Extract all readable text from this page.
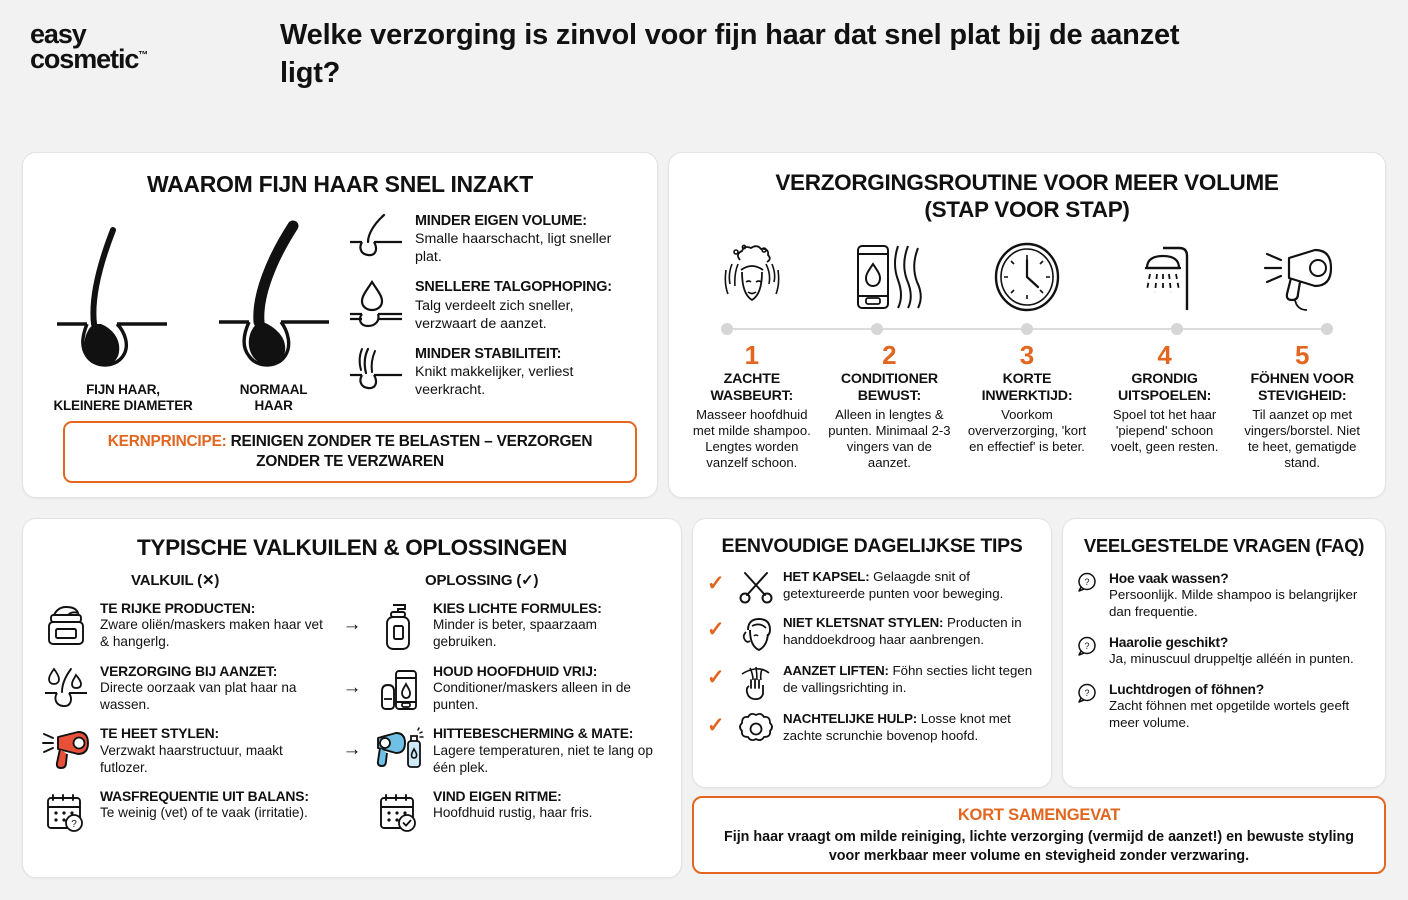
easy
cosmetic™
Welke verzorging is zinvol voor fijn haar dat snel plat bij de aanzet ligt?
WAAROM FIJN HAAR SNEL INZAKT
FIJN HAAR,
KLEINERE DIAMETER
NORMAAL
HAAR
MINDER EIGEN VOLUME:
Smalle haarschacht, ligt sneller plat.
SNELLERE TALGOPHOPING:
Talg verdeelt zich sneller, verzwaart de aanzet.
MINDER STABILITEIT:
Knikt makkelijker, verliest veerkracht.
KERNPRINCIPE: REINIGEN ZONDER TE BELASTEN – VERZORGEN ZONDER TE VERZWAREN
VERZORGINGSROUTINE VOOR MEER VOLUME
(STAP VOOR STAP)
1
ZACHTE WASBEURT:
Masseer hoofdhuid met milde shampoo. Lengtes worden vanzelf schoon.
2
CONDITIONER BEWUST:
Alleen in lengtes & punten. Minimaal 2-3 vingers van de aanzet.
3
KORTE INWERKTIJD:
Voorkom oververzorging, 'kort en effectief' is beter.
4
GRONDIG UITSPOELEN:
Spoel tot het haar 'piepend' schoon voelt, geen resten.
5
FÖHNEN VOOR STEVIGHEID:
Til aanzet op met vingers/borstel. Niet te heet, gematigde stand.
TYPISCHE VALKUILEN & OPLOSSINGEN
VALKUIL (✕)	OPLOSSING (✓)
TE RIJKE PRODUCTEN:
Zware oliën/maskers maken haar vet & hangerlg.
→
KIES LICHTE FORMULES:
Minder is beter, spaarzaam gebruiken.
VERZORGING BIJ AANZET:
Directe oorzaak van plat haar na wassen.
→
HOUD HOOFDHUID VRIJ:
Conditioner/maskers alleen in de punten.
TE HEET STYLEN:
Verzwakt haarstructuur, maakt futlozer.
→
HITTEBESCHERMING & MATE:
Lagere temperaturen, niet te lang op één plek.
?
WASFREQUENTIE UIT BALANS:
Te weinig (vet) of te vaak (irritatie).
VIND EIGEN RITME:
Hoofdhuid rustig, haar fris.
EENVOUDIGE DAGELIJKSE TIPS
✓	HET KAPSEL: Gelaagde snit of getextureerde punten voor beweging.
✓	NIET KLETSNAT STYLEN: Producten in handdoekdroog haar aanbrengen.
✓	AANZET LIFTEN: Föhn secties licht tegen de vallingsrichting in.
✓	NACHTELIJKE HULP: Losse knot met zachte scrunchie bovenop hoofd.
VEELGESTELDE VRAGEN (FAQ)
? Hoe vaak wassen?
Persoonlijk. Milde shampoo is belangrijker dan frequentie.
? Haarolie geschikt?
Ja, minuscuul druppeltje alléén in punten.
? Luchtdrogen of föhnen?
Zacht föhnen met opgetilde wortels geeft meer volume.
KORT SAMENGEVAT
Fijn haar vraagt om milde reiniging, lichte verzorging (vermijd de aanzet!) en bewuste styling voor merkbaar meer volume en stevigheid zonder verzwaring.
